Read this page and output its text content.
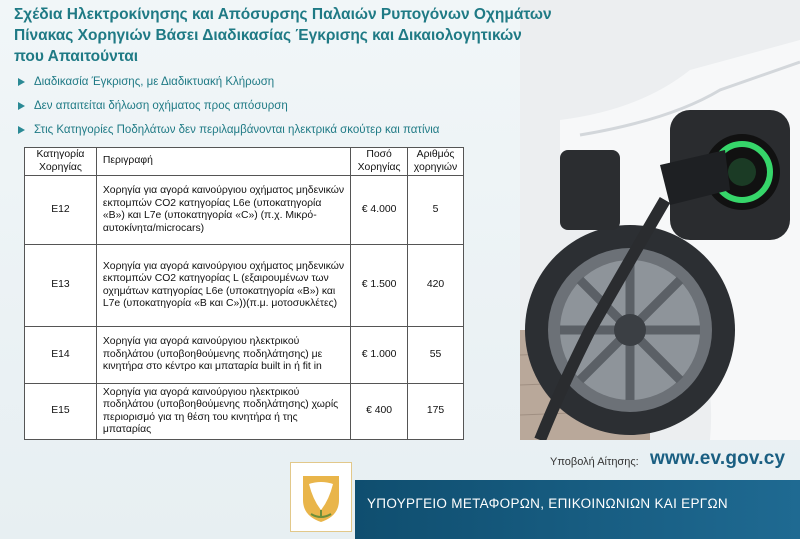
Σχέδια Ηλεκτροκίνησης και Απόσυρσης Παλαιών Ρυπογόνων Οχημάτων
Πίνακας Χορηγιών Βάσει Διαδικασίας Έγκρισης και Δικαιολογητικών
που Απαιτούνται
Διαδικασία Έγκρισης, με Διαδικτυακή Κλήρωση
Δεν απαιτείται δήλωση οχήματος προς απόσυρση
Στις Κατηγορίες Ποδηλάτων δεν περιλαμβάνονται ηλεκτρικά σκούτερ και πατίνια
Κατηγορία Χορηγίας	Περιγραφή	Ποσό Χορηγίας	Αριθμός χορηγιών
E12	Χορηγία για αγορά καινούργιου οχήματος μηδενικών εκπομπών CO2 κατηγορίας L6e (υποκατηγορία «Β») και L7e (υποκατηγορία «C») (π.χ. Μικρό-αυτοκίνητα/microcars)	€ 4.000	5
E13	Χορηγία για αγορά καινούργιου οχήματος μηδενικών εκπομπών CO2 κατηγορίας L (εξαιρουμένων των οχημάτων κατηγορίας L6e (υποκατηγορία «Β») και L7e (υποκατηγορία «B και C»))(π.μ. μοτοσυκλέτες)	€ 1.500	420
E14	Χορηγία για αγορά καινούργιου ηλεκτρικού ποδηλάτου (υποβοηθούμενης ποδηλάτησης) με κινητήρα στο κέντρο και μπαταρία built in ή fit in	€ 1.000	55
E15	Χορηγία για αγορά καινούργιου ηλεκτρικού ποδηλάτου (υποβοηθούμενης ποδηλάτησης) χωρίς περιορισμό για τη θέση του κινητήρα ή της μπαταρίας	€ 400	175
Υποβολή Αίτησης: www.ev.gov.cy
ΥΠΟΥΡΓΕΙΟ ΜΕΤΑΦΟΡΩΝ, ΕΠΙΚΟΙΝΩΝΙΩΝ ΚΑΙ ΕΡΓΩΝ
